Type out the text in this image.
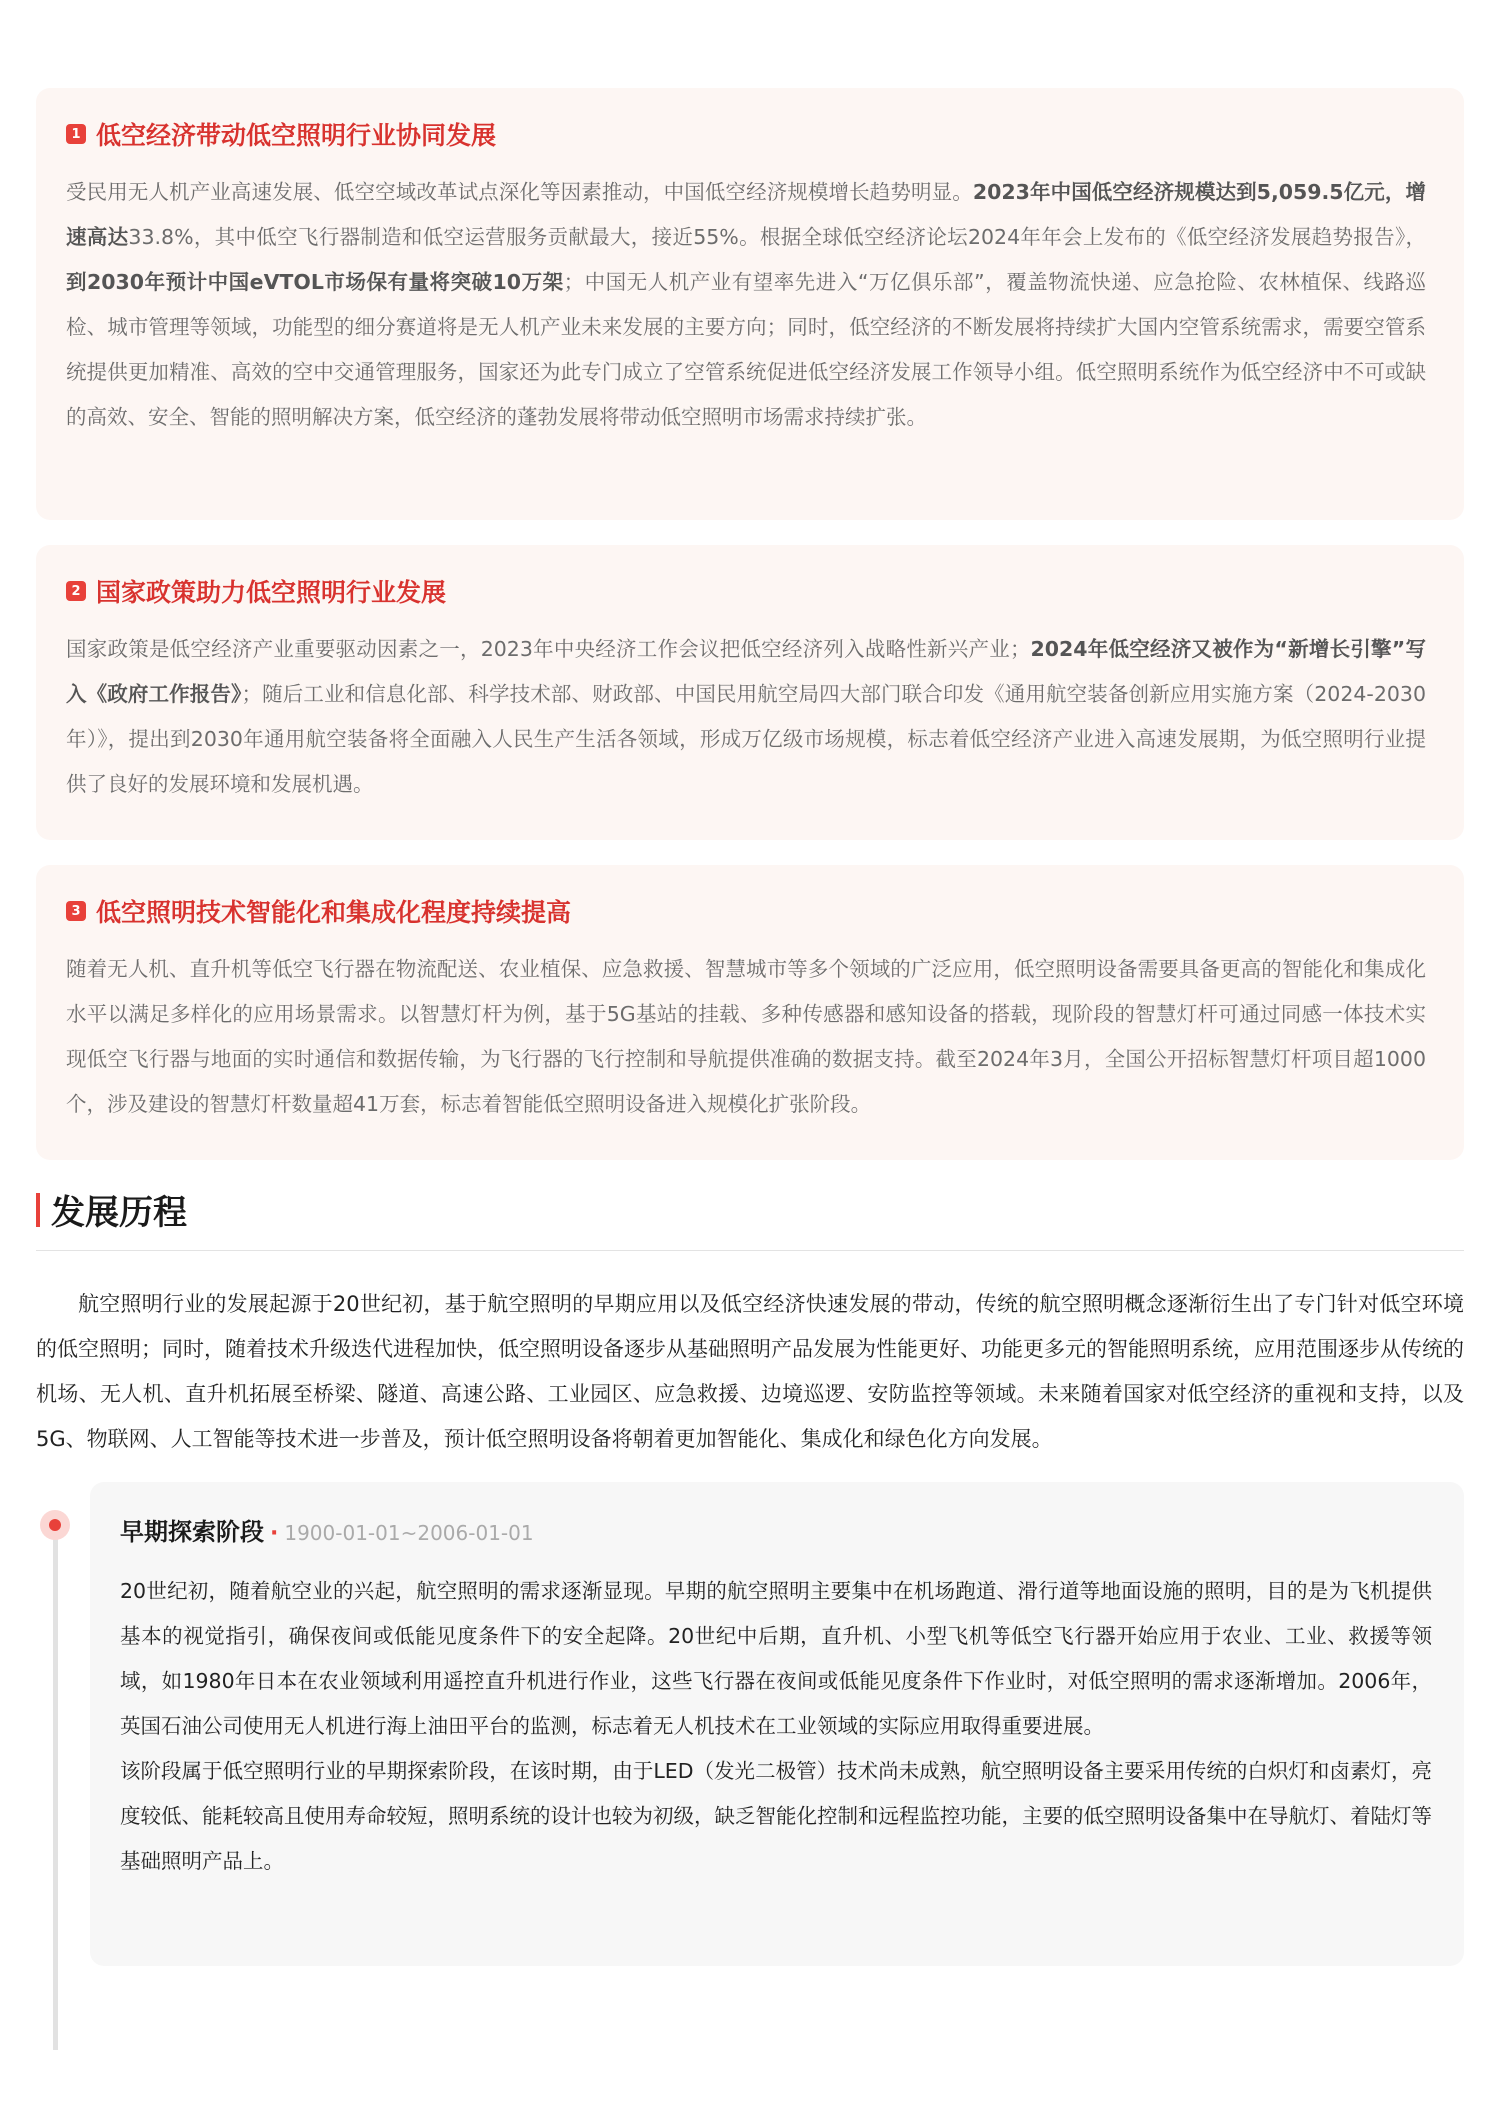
1 低空经济带动低空照明行业协同发展
受民用无人机产业高速发展、低空空域改革试点深化等因素推动，中国低空经济规模增长趋势明显。2023年中国低空经济规模达到5,059.5亿元，增速高达33.8%，其中低空飞行器制造和低空运营服务贡献最大，接近55%。根据全球低空经济论坛2024年年会上发布的《低空经济发展趋势报告》，到2030年预计中国eVTOL市场保有量将突破10万架；中国无人机产业有望率先进入“万亿俱乐部”，覆盖物流快递、应急抢险、农林植保、线路巡检、城市管理等领域，功能型的细分赛道将是无人机产业未来发展的主要方向；同时，低空经济的不断发展将持续扩大国内空管系统需求，需要空管系统提供更加精准、高效的空中交通管理服务，国家还为此专门成立了空管系统促进低空经济发展工作领导小组。低空照明系统作为低空经济中不可或缺的高效、安全、智能的照明解决方案，低空经济的蓬勃发展将带动低空照明市场需求持续扩张。
2 国家政策助力低空照明行业发展
国家政策是低空经济产业重要驱动因素之一，2023年中央经济工作会议把低空经济列入战略性新兴产业；2024年低空经济又被作为“新增长引擎”写入《政府工作报告》；随后工业和信息化部、科学技术部、财政部、中国民用航空局四大部门联合印发《通用航空装备创新应用实施方案（2024-2030年）》，提出到2030年通用航空装备将全面融入人民生产生活各领域，形成万亿级市场规模，标志着低空经济产业进入高速发展期，为低空照明行业提供了良好的发展环境和发展机遇。
3 低空照明技术智能化和集成化程度持续提高
随着无人机、直升机等低空飞行器在物流配送、农业植保、应急救援、智慧城市等多个领域的广泛应用，低空照明设备需要具备更高的智能化和集成化水平以满足多样化的应用场景需求。以智慧灯杆为例，基于5G基站的挂载、多种传感器和感知设备的搭载，现阶段的智慧灯杆可通过同感一体技术实现低空飞行器与地面的实时通信和数据传输，为飞行器的飞行控制和导航提供准确的数据支持。截至2024年3月，全国公开招标智慧灯杆项目超1000个，涉及建设的智慧灯杆数量超41万套，标志着智能低空照明设备进入规模化扩张阶段。
发展历程
航空照明行业的发展起源于20世纪初，基于航空照明的早期应用以及低空经济快速发展的带动，传统的航空照明概念逐渐衍生出了专门针对低空环境的低空照明；同时，随着技术升级迭代进程加快，低空照明设备逐步从基础照明产品发展为性能更好、功能更多元的智能照明系统，应用范围逐步从传统的机场、无人机、直升机拓展至桥梁、隧道、高速公路、工业园区、应急救援、边境巡逻、安防监控等领域。未来随着国家对低空经济的重视和支持，以及5G、物联网、人工智能等技术进一步普及，预计低空照明设备将朝着更加智能化、集成化和绿色化方向发展。
早期探索阶段 · 1900-01-01~2006-01-01

20世纪初，随着航空业的兴起，航空照明的需求逐渐显现。早期的航空照明主要集中在机场跑道、滑行道等地面设施的照明，目的是为飞机提供基本的视觉指引，确保夜间或低能见度条件下的安全起降。20世纪中后期，直升机、小型飞机等低空飞行器开始应用于农业、工业、救援等领域，如1980年日本在农业领域利用遥控直升机进行作业，这些飞行器在夜间或低能见度条件下作业时，对低空照明的需求逐渐增加。2006年，英国石油公司使用无人机进行海上油田平台的监测，标志着无人机技术在工业领域的实际应用取得重要进展。

该阶段属于低空照明行业的早期探索阶段，在该时期，由于LED（发光二极管）技术尚未成熟，航空照明设备主要采用传统的白炽灯和卤素灯，亮度较低、能耗较高且使用寿命较短，照明系统的设计也较为初级，缺乏智能化控制和远程监控功能，主要的低空照明设备集中在导航灯、着陆灯等基础照明产品上。
